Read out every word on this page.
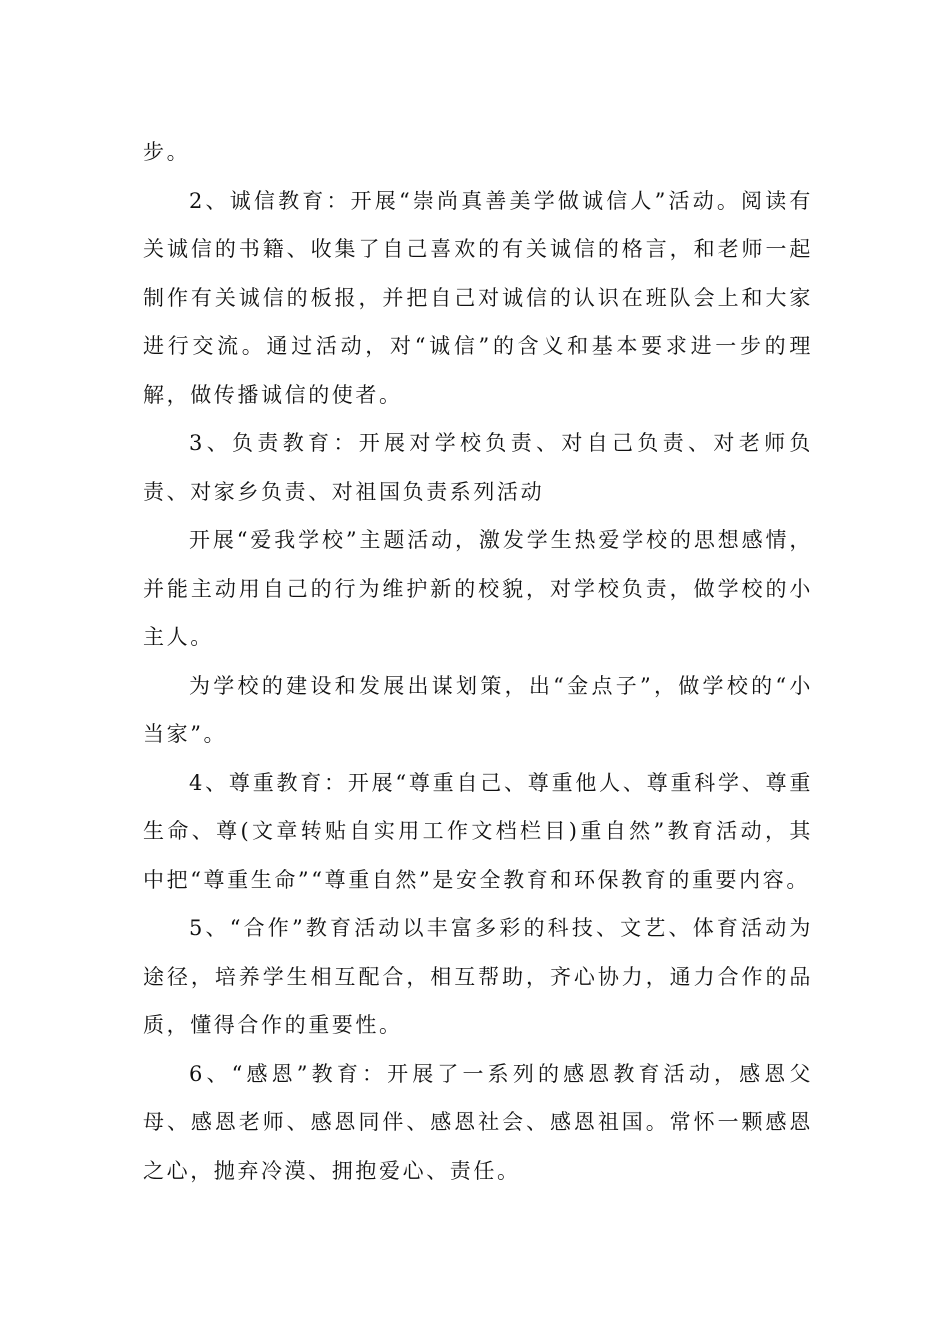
步。

2、诚信教育：开展“崇尚真善美学做诚信人”活动。阅读有关诚信的书籍、收集了自己喜欢的有关诚信的格言，和老师一起制作有关诚信的板报，并把自己对诚信的认识在班队会上和大家进行交流。通过活动，对“诚信”的含义和基本要求进一步的理解，做传播诚信的使者。

3、负责教育：开展对学校负责、对自己负责、对老师负责、对家乡负责、对祖国负责系列活动

开展“爱我学校”主题活动，激发学生热爱学校的思想感情，并能主动用自己的行为维护新的校貌，对学校负责，做学校的小主人。

为学校的建设和发展出谋划策，出“金点子”，做学校的“小当家”。

4、尊重教育：开展“尊重自己、尊重他人、尊重科学、尊重生命、尊(文章转贴自实用工作文档栏目)重自然”教育活动，其中把“尊重生命”“尊重自然”是安全教育和环保教育的重要内容。

5、“合作”教育活动以丰富多彩的科技、文艺、体育活动为途径，培养学生相互配合，相互帮助，齐心协力，通力合作的品质，懂得合作的重要性。

6、“感恩”教育：开展了一系列的感恩教育活动，感恩父母、感恩老师、感恩同伴、感恩社会、感恩祖国。常怀一颗感恩之心，抛弃冷漠、拥抱爱心、责任。
